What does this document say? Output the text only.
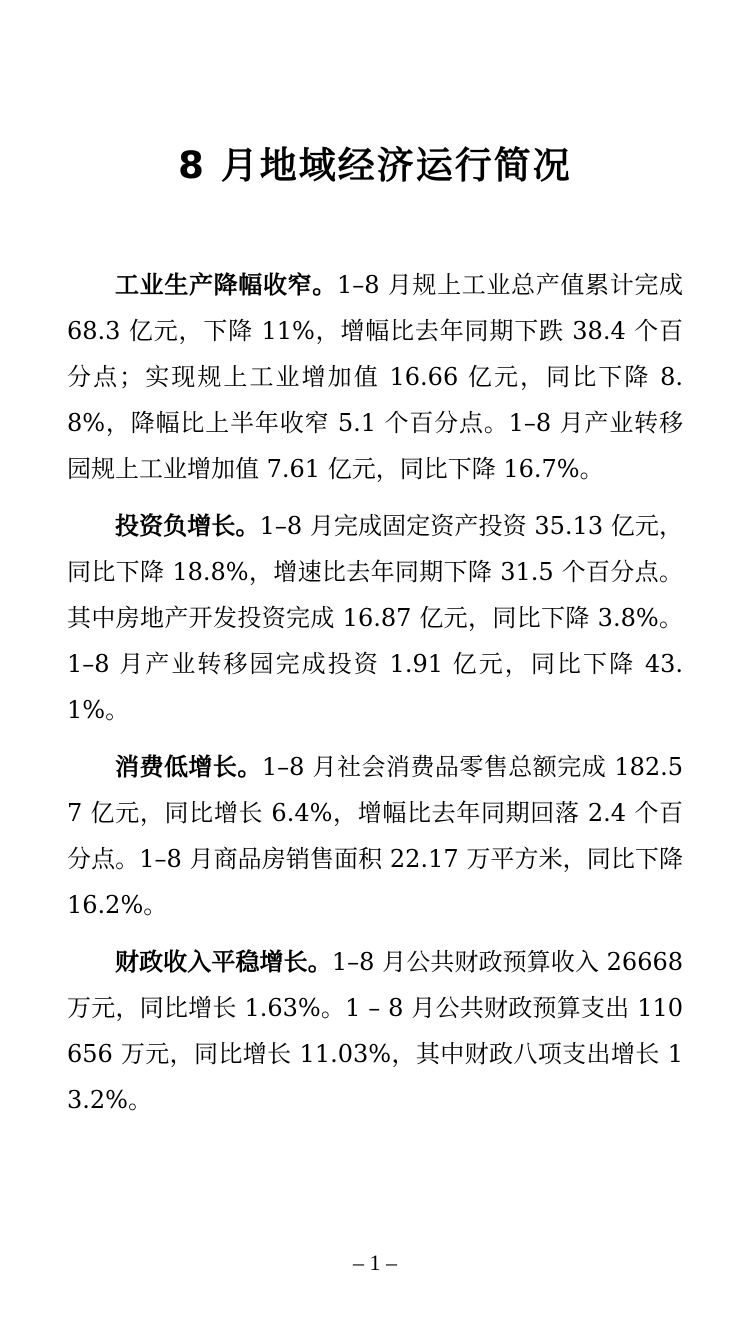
8 月地域经济运行简况

工业生产降幅收窄。1–8 月规上工业总产值累计完成 68.3 亿元，下降 11%，增幅比去年同期下跌 38.4 个百分点；实现规上工业增加值 16.66 亿元，同比下降 8.8%，降幅比上半年收窄 5.1 个百分点。1–8 月产业转移园规上工业增加值 7.61 亿元，同比下降 16.7%。

投资负增长。1–8 月完成固定资产投资 35.13 亿元，同比下降 18.8%，增速比去年同期下降 31.5 个百分点。其中房地产开发投资完成 16.87 亿元，同比下降 3.8%。1–8 月产业转移园完成投资 1.91 亿元，同比下降 43.1%。

消费低增长。1–8 月社会消费品零售总额完成 182.57 亿元，同比增长 6.4%，增幅比去年同期回落 2.4 个百分点。1–8 月商品房销售面积 22.17 万平方米，同比下降 16.2%。

财政收入平稳增长。1–8 月公共财政预算收入 26668 万元，同比增长 1.63%。1 – 8 月公共财政预算支出 110656 万元，同比增长 11.03%，其中财政八项支出增长 13.2%。

– 1 –
